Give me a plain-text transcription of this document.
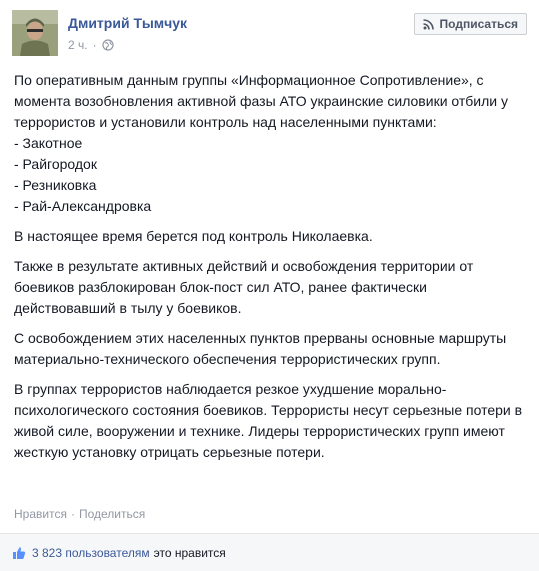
Дмитрий Тымчук
2 ч. ·
Подписаться

По оперативным данным группы «Информационное Сопротивление», с момента возобновления активной фазы АТО украинские силовики отбили у террористов и установили контроль над населенными пунктами:
- Закотное
- Райгородок
- Резниковка
- Рай-Александровка

В настоящее время берется под контроль Николаевка.

Также в результате активных действий и освобождения территории от боевиков разблокирован блок-пост сил АТО, ранее фактически действовавший в тылу у боевиков.

С освобождением этих населенных пунктов прерваны основные маршруты материально-технического обеспечения террористических групп.

В группах террористов наблюдается резкое ухудшение морально-психологического состояния боевиков. Террористы несут серьезные потери в живой силе, вооружении и технике. Лидеры террористических групп имеют жесткую установку отрицать серьезные потери.

Нравится · Поделиться
3 823 пользователям это нравится
